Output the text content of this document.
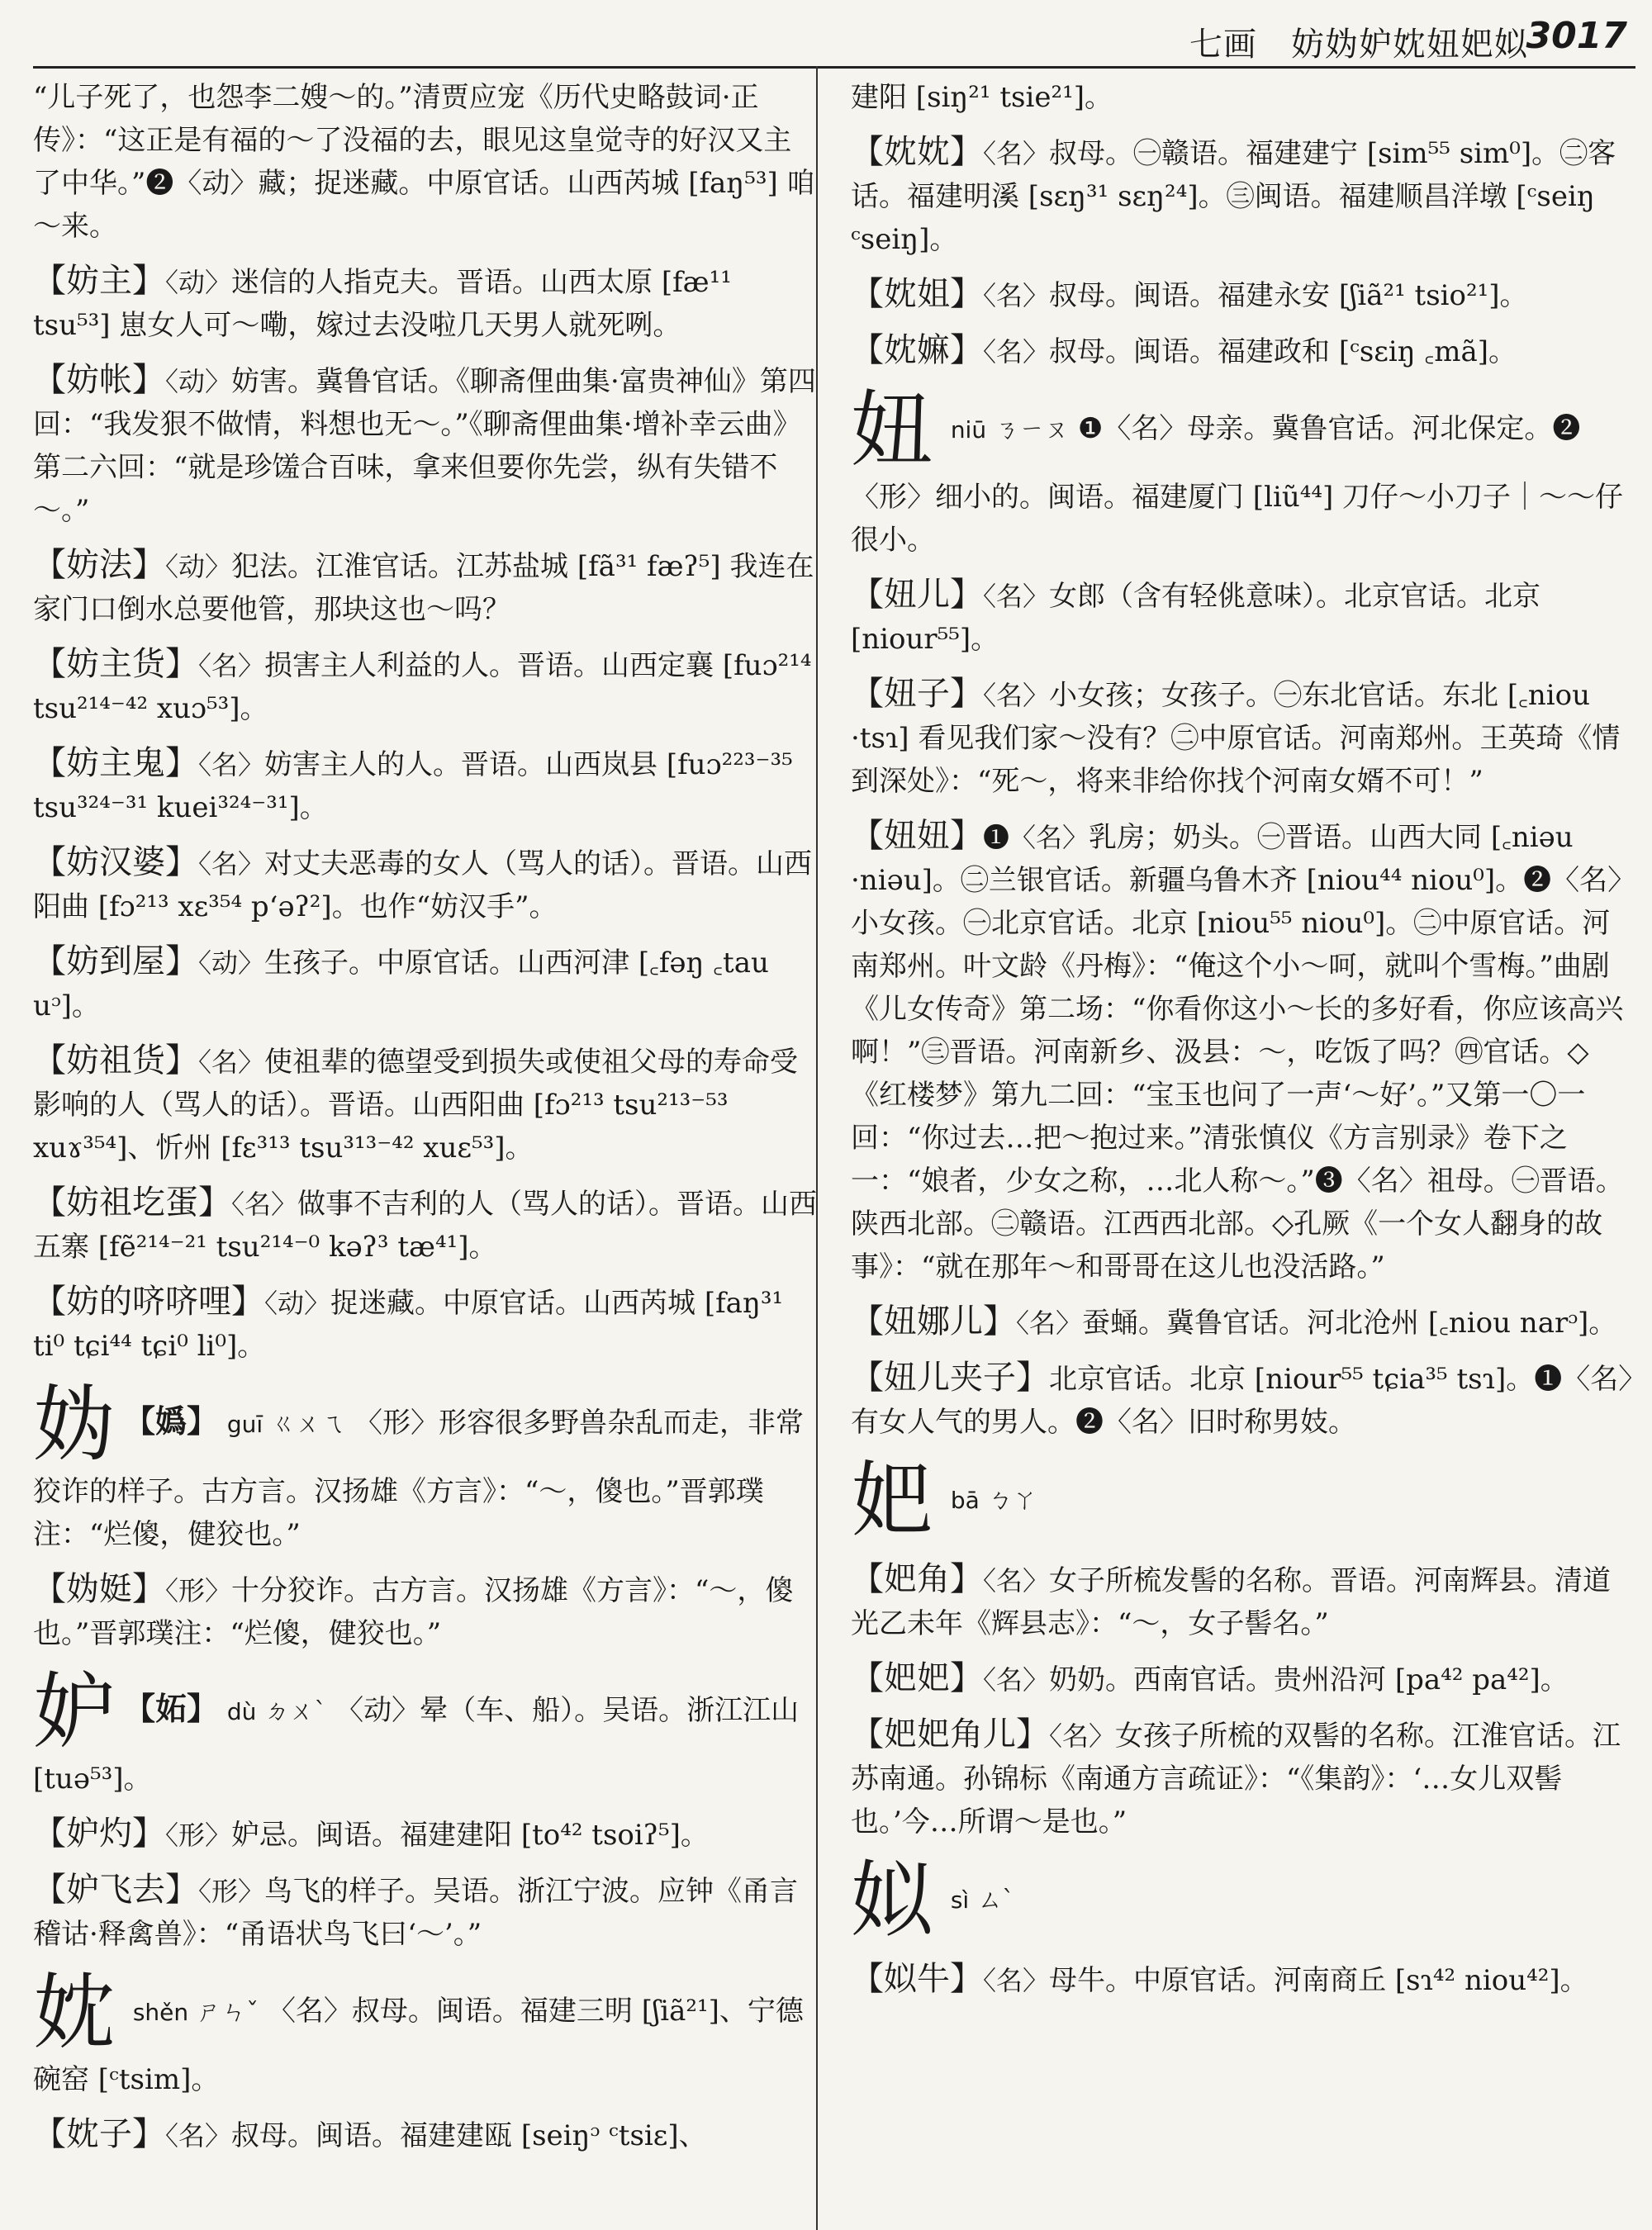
七画　妨妫妒妉妞妑姒
3017

“儿子死了，也怨李二嫂～的。”清贾应宠《历代史略鼓词·正传》：“这正是有福的～了没福的去，眼见这皇觉寺的好汉又主了中华。”❷〈动〉藏；捉迷藏。中原官话。山西芮城 [faŋ⁵³] 咱～来。

【妨主】〈动〉迷信的人指克夫。晋语。山西太原 [fæ¹¹ tsu⁵³] 崽女人可～嘞，嫁过去没啦几天男人就死咧。

【妨帐】〈动〉妨害。冀鲁官话。《聊斋俚曲集·富贵神仙》第四回：“我发狠不做情，料想也无～。”《聊斋俚曲集·增补幸云曲》第二六回：“就是珍馐合百味，拿来但要你先尝，纵有失错不～。”

【妨法】〈动〉犯法。江淮官话。江苏盐城 [fã³¹ fæʔ⁵] 我连在家门口倒水总要他管，那块这也～吗？

【妨主货】〈名〉损害主人利益的人。晋语。山西定襄 [fuɔ²¹⁴ tsu²¹⁴⁻⁴² xuɔ⁵³]。

【妨主鬼】〈名〉妨害主人的人。晋语。山西岚县 [fuɔ²²³⁻³⁵ tsu³²⁴⁻³¹ kuei³²⁴⁻³¹]。

【妨汉婆】〈名〉对丈夫恶毒的女人（骂人的话）。晋语。山西阳曲 [fɔ²¹³ xɛ³⁵⁴ pʻəʔ²]。也作“妨汉手”。

【妨到屋】〈动〉生孩子。中原官话。山西河津 [꜀fəŋ ꜀tau uᵓ]。

【妨祖货】〈名〉使祖辈的德望受到损失或使祖父母的寿命受影响的人（骂人的话）。晋语。山西阳曲 [fɔ²¹³ tsu²¹³⁻⁵³ xuɤ³⁵⁴]、忻州 [fɛ³¹³ tsu³¹³⁻⁴² xuɛ⁵³]。

【妨祖圪蛋】〈名〉做事不吉利的人（骂人的话）。晋语。山西五寨 [fẽ²¹⁴⁻²¹ tsu²¹⁴⁻⁰ kəʔ³ tæ⁴¹]。

【妨的哜哜哩】〈动〉捉迷藏。中原官话。山西芮城 [faŋ³¹ ti⁰ tɕi⁴⁴ tɕi⁰ li⁰]。

妫 【嬀】 guī ㄍㄨㄟ 〈形〉形容很多野兽杂乱而走，非常狡诈的样子。古方言。汉扬雄《方言》：“～，傻也。”晋郭璞注：“烂傻，健狡也。”

【妫娗】〈形〉十分狡诈。古方言。汉扬雄《方言》：“～，傻也。”晋郭璞注：“烂傻，健狡也。”

妒 【妬】 dù ㄉㄨˋ 〈动〉晕（车、船）。吴语。浙江江山 [tuə⁵³]。

【妒灼】〈形〉妒忌。闽语。福建建阳 [to⁴² tsoiʔ⁵]。

【妒飞去】〈形〉鸟飞的样子。吴语。浙江宁波。应钟《甬言稽诂·释禽兽》：“甬语状鸟飞曰‘～’。”

妉 shěn ㄕㄣˇ 〈名〉叔母。闽语。福建三明 [ʃiã²¹]、宁德碗窑 [ᶜtsim]。

【妉子】〈名〉叔母。闽语。福建建瓯 [seiŋᵓ ᶜtsiɛ]、

建阳 [siŋ²¹ tsie²¹]。

【妉妉】〈名〉叔母。㊀赣语。福建建宁 [sim⁵⁵ sim⁰]。㊁客话。福建明溪 [sɛŋ³¹ sɛŋ²⁴]。㊂闽语。福建顺昌洋墩 [ᶜseiŋ ᶜseiŋ]。

【妉姐】〈名〉叔母。闽语。福建永安 [ʃiã²¹ tsio²¹]。

【妉嫲】〈名〉叔母。闽语。福建政和 [ᶜsɛiŋ ꜀mã]。

妞 niū ㄋㄧㄡ ❶〈名〉母亲。冀鲁官话。河北保定。❷〈形〉细小的。闽语。福建厦门 [liũ⁴⁴] 刀仔～小刀子｜～～仔很小。

【妞儿】〈名〉女郎（含有轻佻意味）。北京官话。北京 [niour⁵⁵]。

【妞子】〈名〉小女孩；女孩子。㊀东北官话。东北 [꜀niou ·tsɿ] 看见我们家～没有？㊁中原官话。河南郑州。王英琦《情到深处》：“死～，将来非给你找个河南女婿不可！”

【妞妞】❶〈名〉乳房；奶头。㊀晋语。山西大同 [꜀niəu ·niəu]。㊁兰银官话。新疆乌鲁木齐 [niou⁴⁴ niou⁰]。❷〈名〉小女孩。㊀北京官话。北京 [niou⁵⁵ niou⁰]。㊁中原官话。河南郑州。叶文龄《丹梅》：“俺这个小～呵，就叫个雪梅。”曲剧《儿女传奇》第二场：“你看你这小～长的多好看，你应该高兴啊！”㊂晋语。河南新乡、汲县：～，吃饭了吗？㊃官话。◇《红楼梦》第九二回：“宝玉也问了一声‘～好’。”又第一〇一回：“你过去…把～抱过来。”清张慎仪《方言别录》卷下之一：“娘者，少女之称，…北人称～。”❸〈名〉祖母。㊀晋语。陕西北部。㊁赣语。江西西北部。◇孔厥《一个女人翻身的故事》：“就在那年～和哥哥在这儿也没活路。”

【妞娜儿】〈名〉蚕蛹。冀鲁官话。河北沧州 [꜀niou narᵓ]。

【妞儿夹子】北京官话。北京 [niour⁵⁵ tɕia³⁵ tsɿ]。❶〈名〉有女人气的男人。❷〈名〉旧时称男妓。

妑 bā ㄅㄚ

【妑角】〈名〉女子所梳发髻的名称。晋语。河南辉县。清道光乙未年《辉县志》：“～，女子髻名。”

【妑妑】〈名〉奶奶。西南官话。贵州沿河 [pa⁴² pa⁴²]。

【妑妑角儿】〈名〉女孩子所梳的双髻的名称。江淮官话。江苏南通。孙锦标《南通方言疏证》：“《集韵》：‘…女儿双髻也。’今…所谓～是也。”

姒 sì ㄙˋ

【姒牛】〈名〉母牛。中原官话。河南商丘 [sɿ⁴² niou⁴²]。
